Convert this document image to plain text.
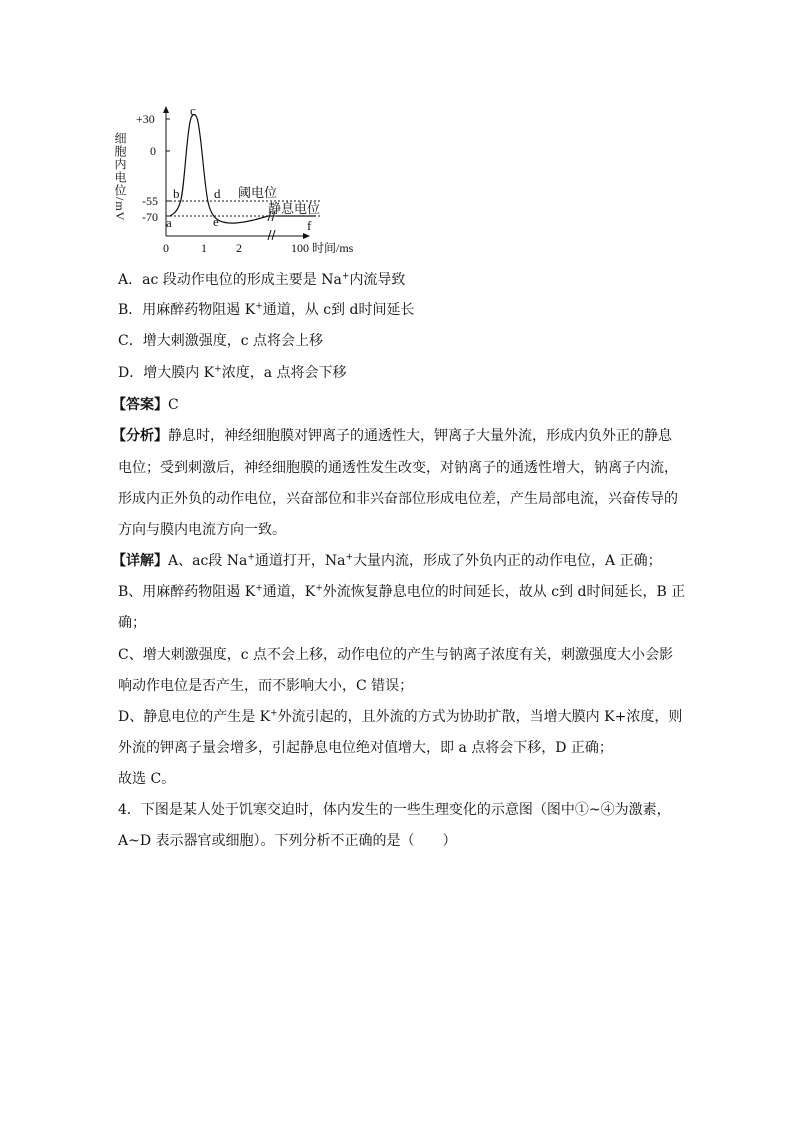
细胞内电位/mV
+30
0
-55
-70
0	1 2	100 时间/ms
阈电位
静息电位
a
b
c
d
e	f
A．ac 段动作电位的形成主要是 Na+内流导致
B．用麻醉药物阻遏 K+通道，从 c到 d时间延长
C．增大刺激强度，c 点将会上移
D．增大膜内 K+浓度，a 点将会下移
【答案】C
【分析】静息时，神经细胞膜对钾离子的通透性大，钾离子大量外流，形成内负外正的静息
电位；受到刺激后，神经细胞膜的通透性发生改变，对钠离子的通透性增大，钠离子内流，
形成内正外负的动作电位，兴奋部位和非兴奋部位形成电位差，产生局部电流，兴奋传导的
方向与膜内电流方向一致。
【详解】A、ac段 Na+通道打开，Na+大量内流，形成了外负内正的动作电位，A 正确；
B、用麻醉药物阻遏 K+通道，K+外流恢复静息电位的时间延长，故从 c到 d时间延长，B 正
确；
C、增大刺激强度，c 点不会上移，动作电位的产生与钠离子浓度有关，刺激强度大小会影
响动作电位是否产生，而不影响大小，C 错误；
D、静息电位的产生是 K+外流引起的，且外流的方式为协助扩散，当增大膜内 K+浓度，则
外流的钾离子量会增多，引起静息电位绝对值增大，即 a 点将会下移，D 正确；
故选 C。
4．下图是某人处于饥寒交迫时，体内发生的一些生理变化的示意图（图中①~④为激素，
A~D 表示器官或细胞）。下列分析不正确的是（　　）
